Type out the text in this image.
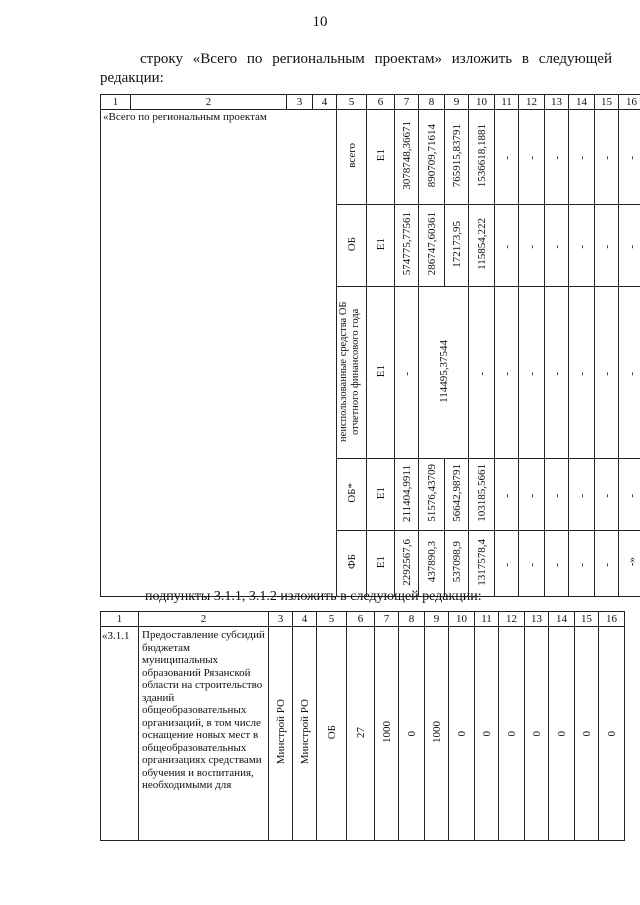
10
строку «Всего по региональным проектам» изложить в следующей
редакции:
1	2	3	4	5	6	7	8	9	10	11	12	13	14	15	16

«Всего по региональным проектам				всего	Е1	3078748,36671	890709,71614	765915,83791	1536618,1881	-	-	-	-	-	-
				ОБ	Е1	574775,77561	286747,60361	172173,95	115854,222	-	-	-	-	-	-
				неиспользованные средства ОБ отчетного финансового года	Е1	-	114495,37544		-	-	-	-	-	-	-
				ОБ*	Е1	211404,9911	51576,43709	56642,98791	103185,5661	-	-	-	-	-	-
				ФБ	Е1	2292567,6	437890,3	537098,9	1317578,4	-	-	-	-	-	-»
подпункты 3.1.1, 3.1.2 изложить в следующей редакции:
1	2	3	4	5	6	7	8	9	10	11	12	13	14	15	16

«3.1.1	Предоставление субсидий бюджетам муниципальных образований Рязанской области на строительство зданий общеобразовательных организаций, в том числе оснащение новых мест в общеобразовательных организациях средствами обучения и воспитания, необходимыми для	Минстрой РО	Минстрой РО	ОБ	27	1000	0	1000	0	0	0	0	0	0	0
